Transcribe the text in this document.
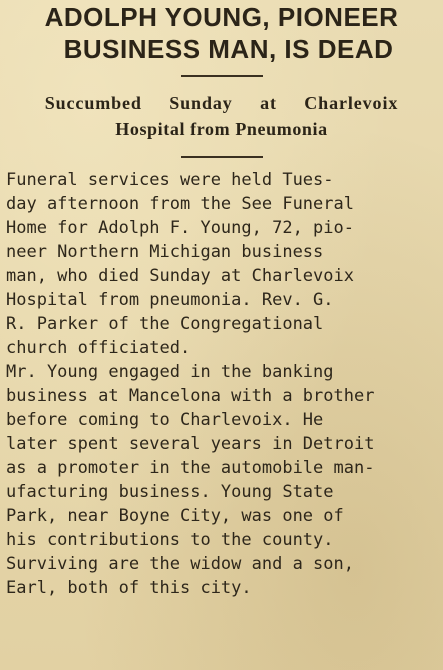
ADOLPH YOUNG, PIONEER
BUSINESS MAN, IS DEAD
Succumbed Sunday at Charlevoix
Hospital from Pneumonia
Funeral services were held Tues-
day afternoon from the See Funeral
Home for Adolph F. Young, 72, pio-
neer Northern Michigan business
man, who died Sunday at Charlevoix
Hospital from pneumonia. Rev. G.
R. Parker of the Congregational
church officiated.
Mr. Young engaged in the banking
business at Mancelona with a brother
before coming to Charlevoix. He
later spent several years in Detroit
as a promoter in the automobile man-
ufacturing business. Young State
Park, near Boyne City, was one of
his contributions to the county.
Surviving are the widow and a son,
Earl, both of this city.
